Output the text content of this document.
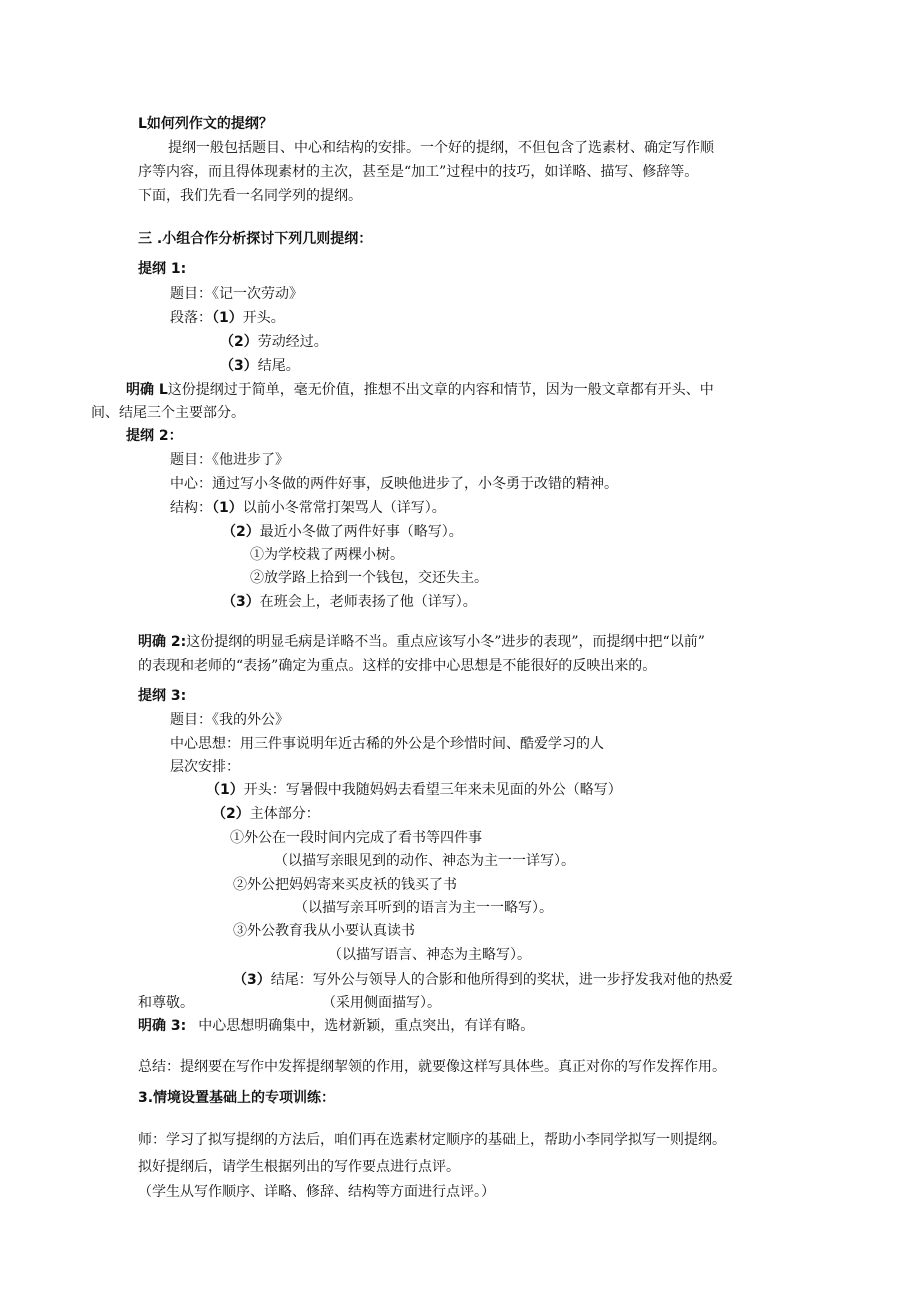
L如何列作文的提纲？
提纲一般包括题目、中心和结构的安排。一个好的提纲，不但包含了选素材、确定写作顺
序等内容，而且得体现素材的主次，甚至是“加工”过程中的技巧，如详略、描写、修辞等。
下面，我们先看一名同学列的提纲。
三 .小组合作分析探讨下列几则提纲：
提纲 1:
题目：《记一次劳动》
段落：（1）开头。
（2）劳动经过。
（3）结尾。
明确 L这份提纲过于简单，毫无价值，推想不出文章的内容和情节，因为一般文章都有开头、中
间、结尾三个主要部分。
提纲 2：
题目：《他进步了》
中心：通过写小冬做的两件好事，反映他进步了，小冬勇于改错的精神。
结构：（1）以前小冬常常打架骂人（详写）。
（2）最近小冬做了两件好事（略写）。
①为学校栽了两棵小树。
②放学路上拾到一个钱包，交还失主。
（3）在班会上，老师表扬了他（详写）。
明确 2:这份提纲的明显毛病是详略不当。重点应该写小冬”进步的表现”，而提纲中把“以前”
的表现和老师的“表扬”确定为重点。这样的安排中心思想是不能很好的反映出来的。
提纲 3:
题目：《我的外公》
中心思想：用三件事说明年近古稀的外公是个珍惜时间、酷爱学习的人
层次安排：
（1）开头：写暑假中我随妈妈去看望三年来未见面的外公（略写）
（2）主体部分：
①外公在一段时间内完成了看书等四件事
（以描写亲眼见到的动作、神态为主一一详写）。
②外公把妈妈寄来买皮袄的钱买了书
（以描写亲耳听到的语言为主一一略写）。
③外公教育我从小要认真读书
（以描写语言、神态为主略写）。
（3）结尾：写外公与领导人的合影和他所得到的奖状，进一步抒发我对他的热爱
和尊敬。	（采用侧面描写）。
明确 3: 中心思想明确集中，选材新颖，重点突出，有详有略。
总结：提纲要在写作中发挥提纲挈领的作用，就要像这样写具体些。真正对你的写作发挥作用。
3.情境设置基础上的专项训练：
师：学习了拟写提纲的方法后，咱们再在选素材定顺序的基础上，帮助小李同学拟写一则提纲。
拟好提纲后，请学生根据列出的写作要点进行点评。
（学生从写作顺序、详略、修辞、结构等方面进行点评。）
